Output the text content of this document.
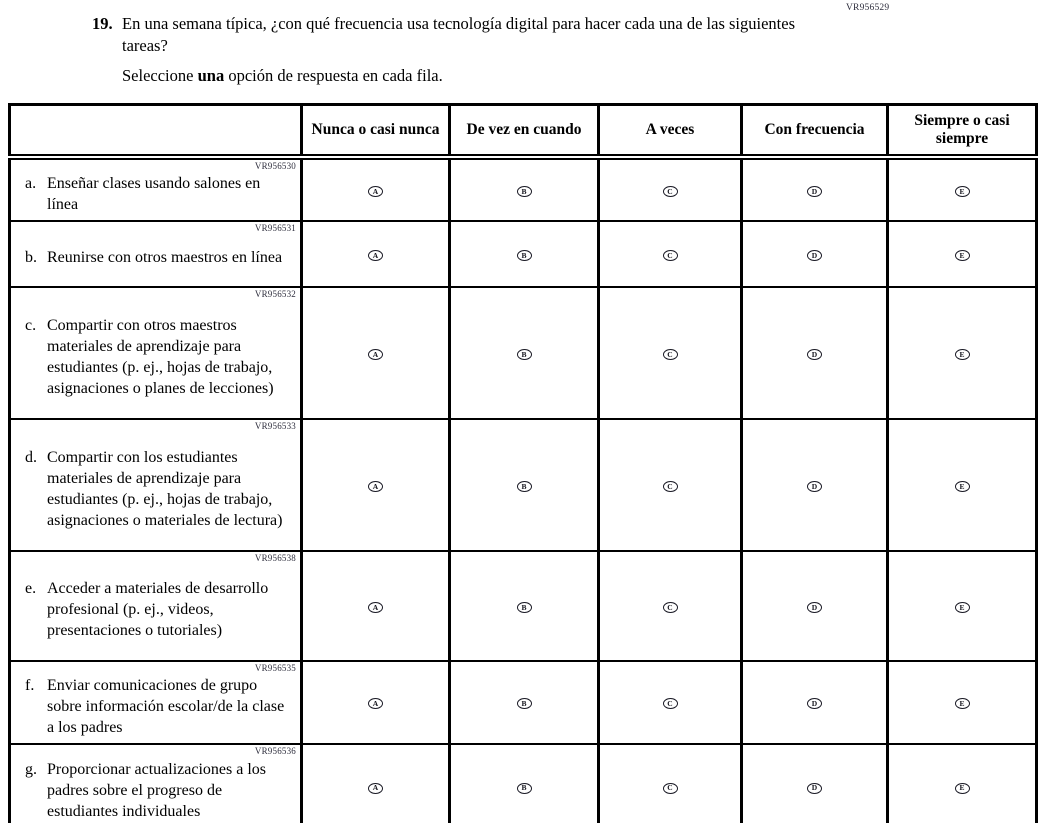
VR956529
19. En una semana típica, ¿con qué frecuencia usa tecnología digital para hacer cada una de las siguientes tareas?
Seleccione una opción de respuesta en cada fila.
	Nunca o casi nunca	De vez en cuando	A veces	Con frecuencia	Siempre o casi siempre

VR956530
a. Enseñar clases usando salones en línea	A	B	C	D	E

VR956531
b. Reunirse con otros maestros en línea	A	B	C	D	E

VR956532
c. Compartir con otros maestros materiales de aprendizaje para estudiantes (p. ej., hojas de trabajo, asignaciones o planes de lecciones)	A	B	C	D	E

VR956533
d. Compartir con los estudiantes materiales de aprendizaje para estudiantes (p. ej., hojas de trabajo, asignaciones o materiales de lectura)	A	B	C	D	E

VR956538
e. Acceder a materiales de desarrollo profesional (p. ej., videos, presentaciones o tutoriales)	A	B	C	D	E

VR956535
f. Enviar comunicaciones de grupo sobre información escolar/de la clase a los padres	A	B	C	D	E

VR956536
g. Proporcionar actualizaciones a los padres sobre el progreso de estudiantes individuales	A	B	C	D	E
